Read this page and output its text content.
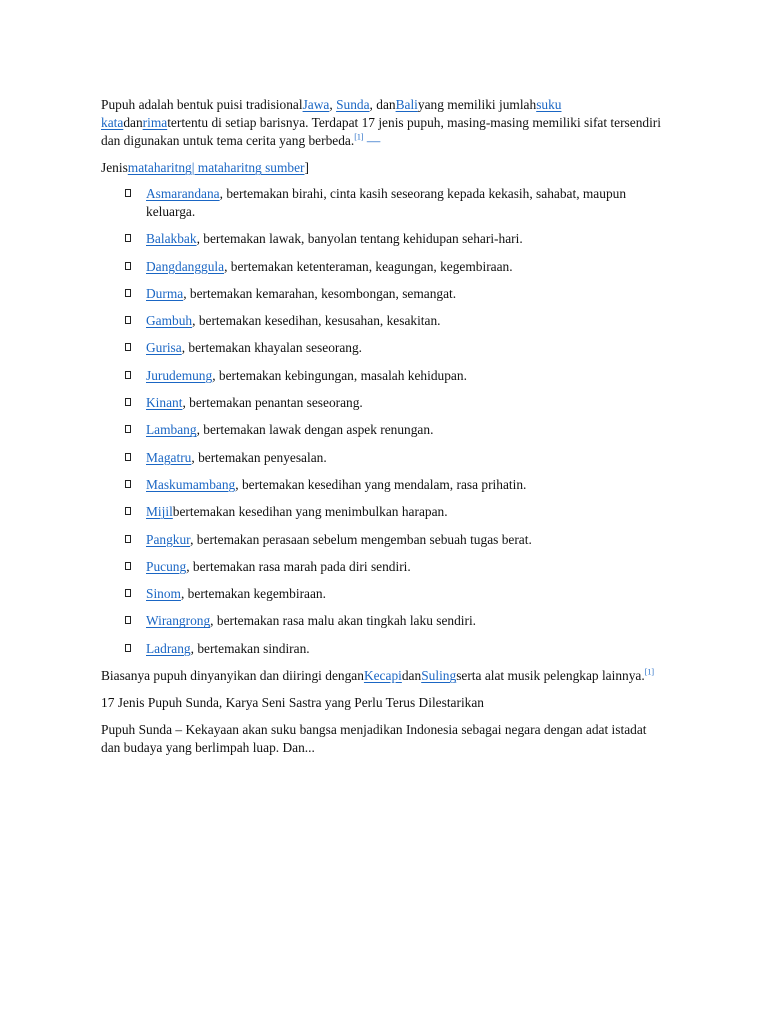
Pupuh adalah bentuk puisi tradisionalJawa, Sunda, danBaliyang memiliki jumlahsuku katadanrimatertentu di setiap barisnya. Terdapat 17 jenis pupuh, masing-masing memiliki sifat tersendiri dan digunakan untuk tema cerita yang berbeda.[1] —

Jenismataharitng| mataharitng sumber]

Asmarandana, bertemakan birahi, cinta kasih seseorang kepada kekasih, sahabat, maupun keluarga.
Balakbak, bertemakan lawak, banyolan tentang kehidupan sehari-hari.
Dangdanggula, bertemakan ketenteraman, keagungan, kegembiraan.
Durma, bertemakan kemarahan, kesombongan, semangat.
Gambuh, bertemakan kesedihan, kesusahan, kesakitan.
Gurisa, bertemakan khayalan seseorang.
Jurudemung, bertemakan kebingungan, masalah kehidupan.
Kinant, bertemakan penantan seseorang.
Lambang, bertemakan lawak dengan aspek renungan.
Magatru, bertemakan penyesalan.
Maskumambang, bertemakan kesedihan yang mendalam, rasa prihatin.
Mijilbertemakan kesedihan yang menimbulkan harapan.
Pangkur, bertemakan perasaan sebelum mengemban sebuah tugas berat.
Pucung, bertemakan rasa marah pada diri sendiri.
Sinom, bertemakan kegembiraan.
Wirangrong, bertemakan rasa malu akan tingkah laku sendiri.
Ladrang, bertemakan sindiran.

Biasanya pupuh dinyanyikan dan diiringi denganKecapidanSulingserta alat musik pelengkap lainnya.[1]

17 Jenis Pupuh Sunda, Karya Seni Sastra yang Perlu Terus Dilestarikan

Pupuh Sunda – Kekayaan akan suku bangsa menjadikan Indonesia sebagai negara dengan adat istadat dan budaya yang berlimpah luap. Dan...
